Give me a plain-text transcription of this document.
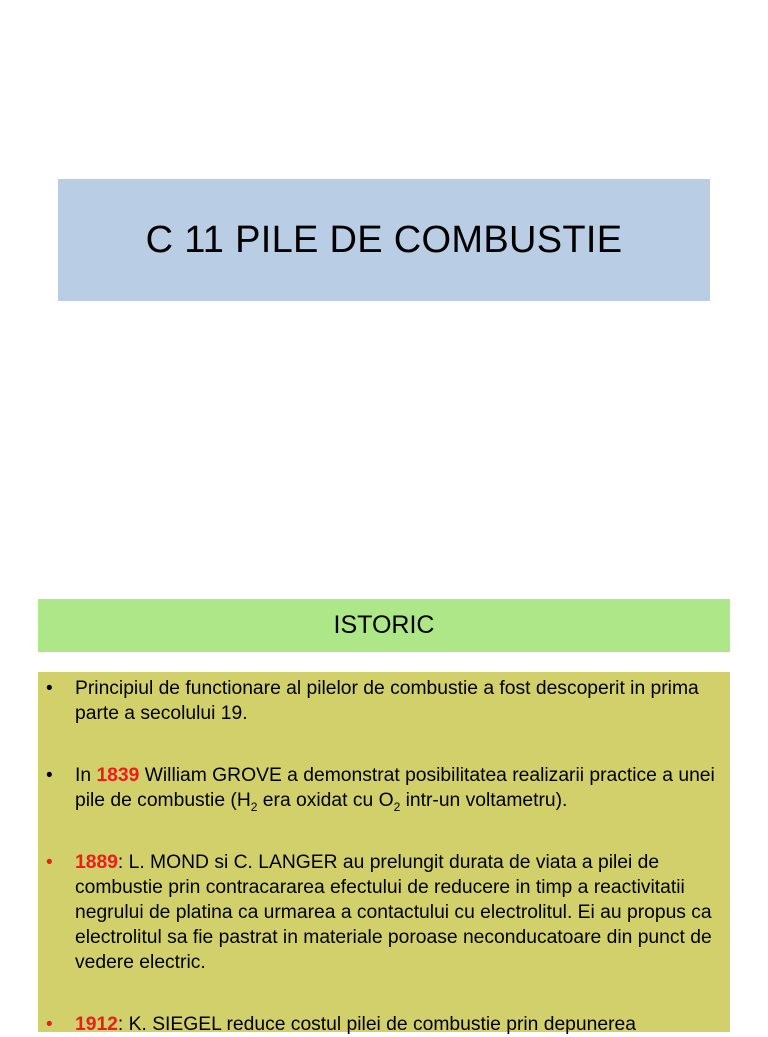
C 11 PILE DE COMBUSTIE
ISTORIC
• Principiul de functionare al pilelor de combustie a fost descoperit in prima parte a secolului 19.
• In 1839 William GROVE a demonstrat posibilitatea realizarii practice a unei pile de combustie ($H_2$ era oxidat cu $O_2$ intr-un voltametru).
• 1889: L. MOND si C. LANGER au prelungit durata de viata a pilei de combustie prin contracararea efectului de reducere in timp a reactivitatii negrului de platina ca urmarea a contactului cu electrolitul. Ei au propus ca electrolitul sa fie pastrat in materiale poroase neconducatoare din punct de vedere electric.
• 1912: K. SIEGEL reduce costul pilei de combustie prin depunerea
